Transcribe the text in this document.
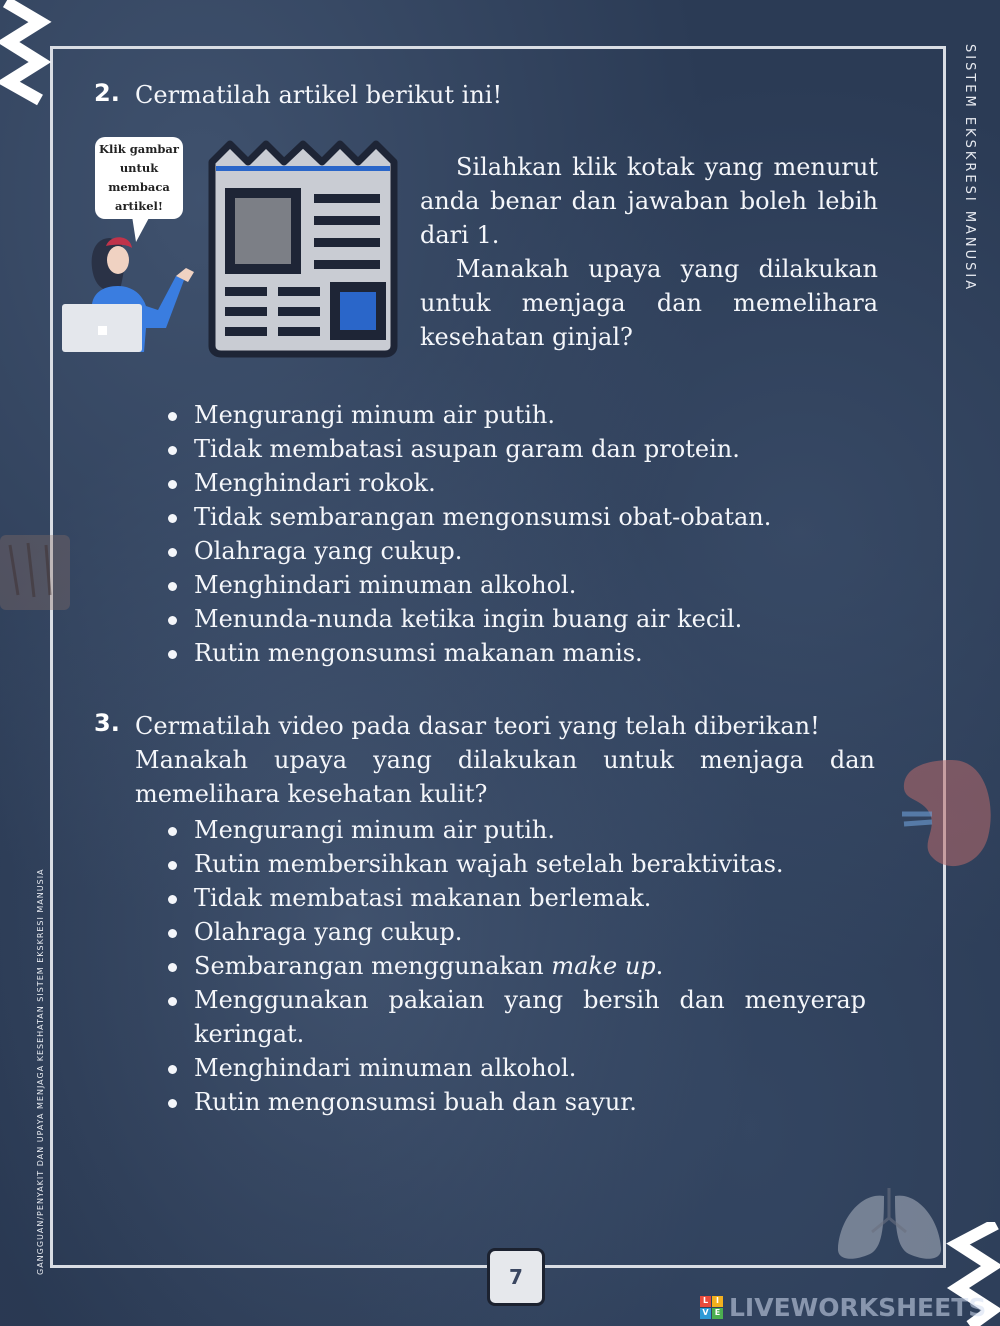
SISTEM EKSKRESI MANUSIA
GANGGUAN/PENYAKIT DAN UPAYA MENJAGA KESEHATAN SISTEM EKSKRESI MANUSIA
2. Cermatilah artikel berikut ini!
Klik gambar untuk membaca artikel!

Silahkan klik kotak yang menurut anda benar dan jawaban boleh lebih dari 1.

Manakah upaya yang dilakukan untuk menjaga dan memelihara kesehatan ginjal?

Mengurangi minum air putih.
Tidak membatasi asupan garam dan protein.
Menghindari rokok.
Tidak sembarangan mengonsumsi obat-obatan.
Olahraga yang cukup.
Menghindari minuman alkohol.
Menunda-nunda ketika ingin buang air kecil.
Rutin mengonsumsi makanan manis.
3. Cermatilah video pada dasar teori yang telah diberikan!
Manakah upaya yang dilakukan untuk menjaga dan memelihara kesehatan kulit?
Mengurangi minum air putih.
Rutin membersihkan wajah setelah beraktivitas.
Tidak membatasi makanan berlemak.
Olahraga yang cukup.
Sembarangan menggunakan make up.
Menggunakan pakaian yang bersih dan menyerap keringat.
Menghindari minuman alkohol.
Rutin mengonsumsi buah dan sayur.
7
L I
V E LIVEWORKSHEETS
